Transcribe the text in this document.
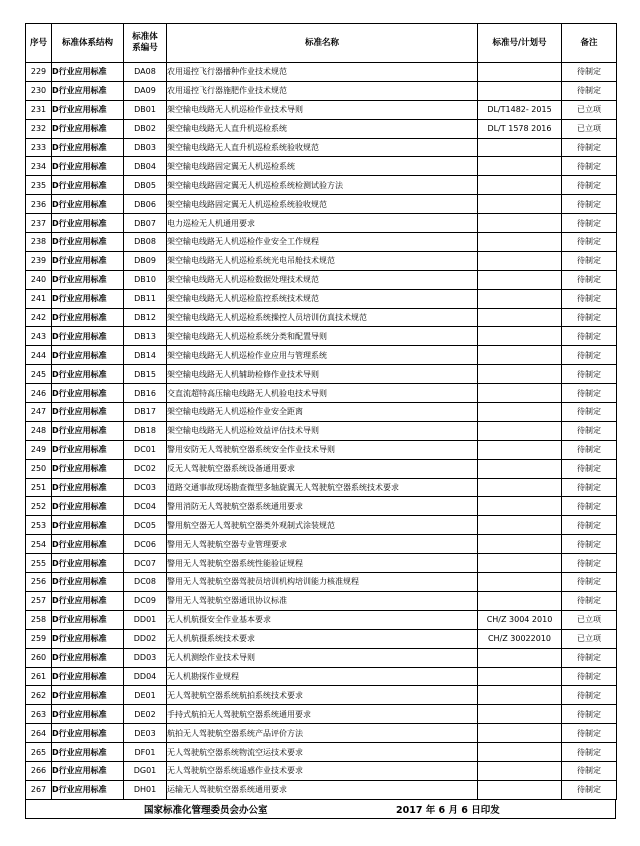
序号	标准体系结构	标准体系编号	标准名称	标准号/计划号	备注
229	D行业应用标准	DA08	农用遥控飞行器播种作业技术规范		待制定
230	D行业应用标准	DA09	农用遥控飞行器施肥作业技术规范		待制定
231	D行业应用标准	DB01	架空输电线路无人机巡检作业技术导则	DL/T1482- 2015	已立项
232	D行业应用标准	DB02	架空输电线路无人直升机巡检系统	DL/T 1578 2016	已立项
233	D行业应用标准	DB03	架空输电线路无人直升机巡检系统验收规范		待制定
234	D行业应用标准	DB04	架空输电线路固定翼无人机巡检系统		待制定
235	D行业应用标准	DB05	架空输电线路固定翼无人机巡检系统检测试验方法		待制定
236	D行业应用标准	DB06	架空输电线路固定翼无人机巡检系统验收规范		待制定
237	D行业应用标准	DB07	电力巡检无人机通用要求		待制定
238	D行业应用标准	DB08	架空输电线路无人机巡检作业安全工作规程		待制定
239	D行业应用标准	DB09	架空输电线路无人机巡检系统光电吊舱技术规范		待制定
240	D行业应用标准	DB10	架空输电线路无人机巡检数据处理技术规范		待制定
241	D行业应用标准	DB11	架空输电线路无人机巡检监控系统技术规范		待制定
242	D行业应用标准	DB12	架空输电线路无人机巡检系统操控人员培训仿真技术规范		待制定
243	D行业应用标准	DB13	架空输电线路无人机巡检系统分类和配置导则		待制定
244	D行业应用标准	DB14	架空输电线路无人机巡检作业应用与管理系统		待制定
245	D行业应用标准	DB15	架空输电线路无人机辅助检修作业技术导则		待制定
246	D行业应用标准	DB16	交直流超特高压输电线路无人机验电技术导则		待制定
247	D行业应用标准	DB17	架空输电线路无人机巡检作业安全距离		待制定
248	D行业应用标准	DB18	架空输电线路无人机巡检效益评估技术导则		待制定
249	D行业应用标准	DC01	警用安防无人驾驶航空器系统安全作业技术导则		待制定
250	D行业应用标准	DC02	反无人驾驶航空器系统设备通用要求		待制定
251	D行业应用标准	DC03	道路交通事故现场勘查微型多轴旋翼无人驾驶航空器系统技术要求		待制定
252	D行业应用标准	DC04	警用消防无人驾驶航空器系统通用要求		待制定
253	D行业应用标准	DC05	警用航空器无人驾驶航空器类外观制式涂装规范		待制定
254	D行业应用标准	DC06	警用无人驾驶航空器专业管理要求		待制定
255	D行业应用标准	DC07	警用无人驾驶航空器系统性能验证规程		待制定
256	D行业应用标准	DC08	警用无人驾驶航空器驾驶员培训机构培训能力核准规程		待制定
257	D行业应用标准	DC09	警用无人驾驶航空器通讯协议标准		待制定
258	D行业应用标准	DD01	无人机航摄安全作业基本要求	CH/Z 3004 2010	已立项
259	D行业应用标准	DD02	无人机航摄系统技术要求	CH/Z 30022010	已立项
260	D行业应用标准	DD03	无人机测绘作业技术导则		待制定
261	D行业应用标准	DD04	无人机勘探作业规程		待制定
262	D行业应用标准	DE01	无人驾驶航空器系统航拍系统技术要求		待制定
263	D行业应用标准	DE02	手持式航拍无人驾驶航空器系统通用要求		待制定
264	D行业应用标准	DE03	航拍无人驾驶航空器系统产品评价方法		待制定
265	D行业应用标准	DF01	无人驾驶航空器系统物流空运技术要求		待制定
266	D行业应用标准	DG01	无人驾驶航空器系统遥感作业技术要求		待制定
267	D行业应用标准	DH01	运输无人驾驶航空器系统通用要求		待制定
国家标准化管理委员会办公室	2017 年 6 月 6 日印发
